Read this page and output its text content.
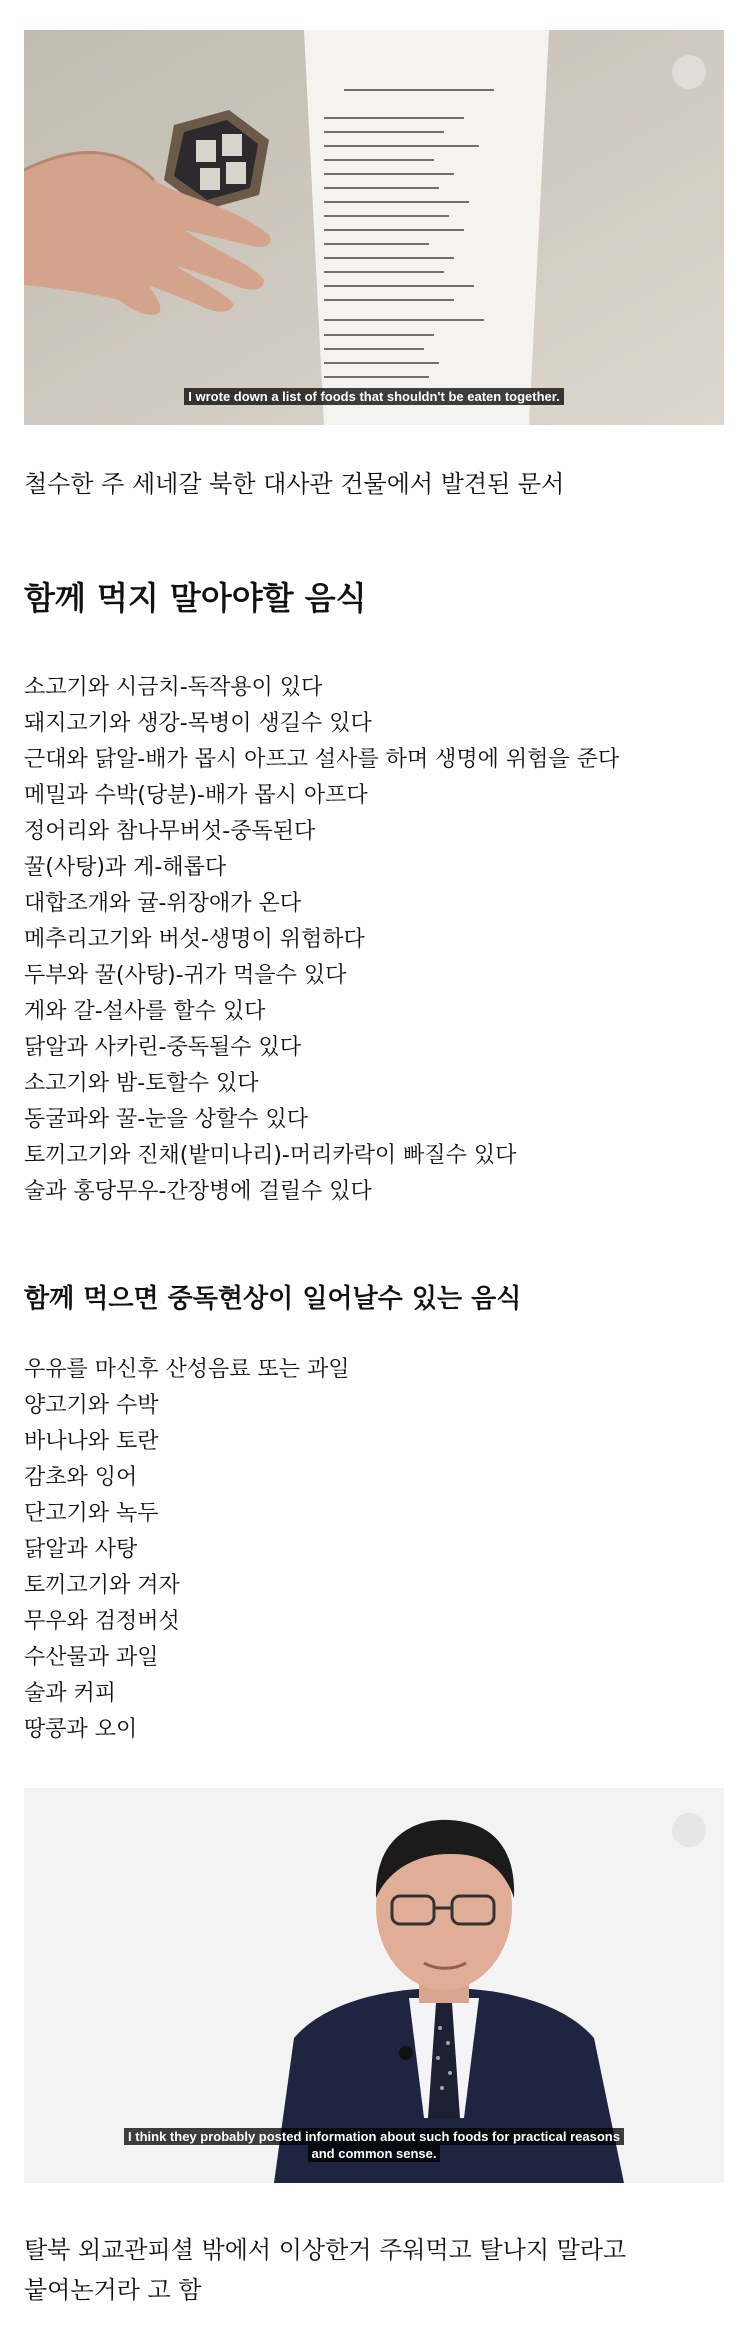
I wrote down a list of foods that shouldn't be eaten together.
철수한 주 세네갈 북한 대사관 건물에서 발견된 문서
함께 먹지 말아야할 음식
소고기와 시금치-독작용이 있다
돼지고기와 생강-목병이 생길수 있다
근대와 닭알-배가 몹시 아프고 설사를 하며 생명에 위험을 준다
메밀과 수박(당분)-배가 몹시 아프다
정어리와 참나무버섯-중독된다
꿀(사탕)과 게-해롭다
대합조개와 귤-위장애가 온다
메추리고기와 버섯-생명이 위험하다
두부와 꿀(사탕)-귀가 먹을수 있다
게와 갈-설사를 할수 있다
닭알과 사카린-중독될수 있다
소고기와 밤-토할수 있다
동굴파와 꿀-눈을 상할수 있다
토끼고기와 진채(밭미나리)-머리카락이 빠질수 있다
술과 홍당무우-간장병에 걸릴수 있다
함께 먹으면 중독현상이 일어날수 있는 음식
우유를 마신후 산성음료 또는 과일
양고기와 수박
바나나와 토란
감초와 잉어
단고기와 녹두
닭알과 사탕
토끼고기와 겨자
무우와 검정버섯
수산물과 과일
술과 커피
땅콩과 오이
I think they probably posted information about such foods for practical reasons
and common sense.
탈북 외교관피셜 밖에서 이상한거 주워먹고 탈나지 말라고 붙여논거라 고 함
